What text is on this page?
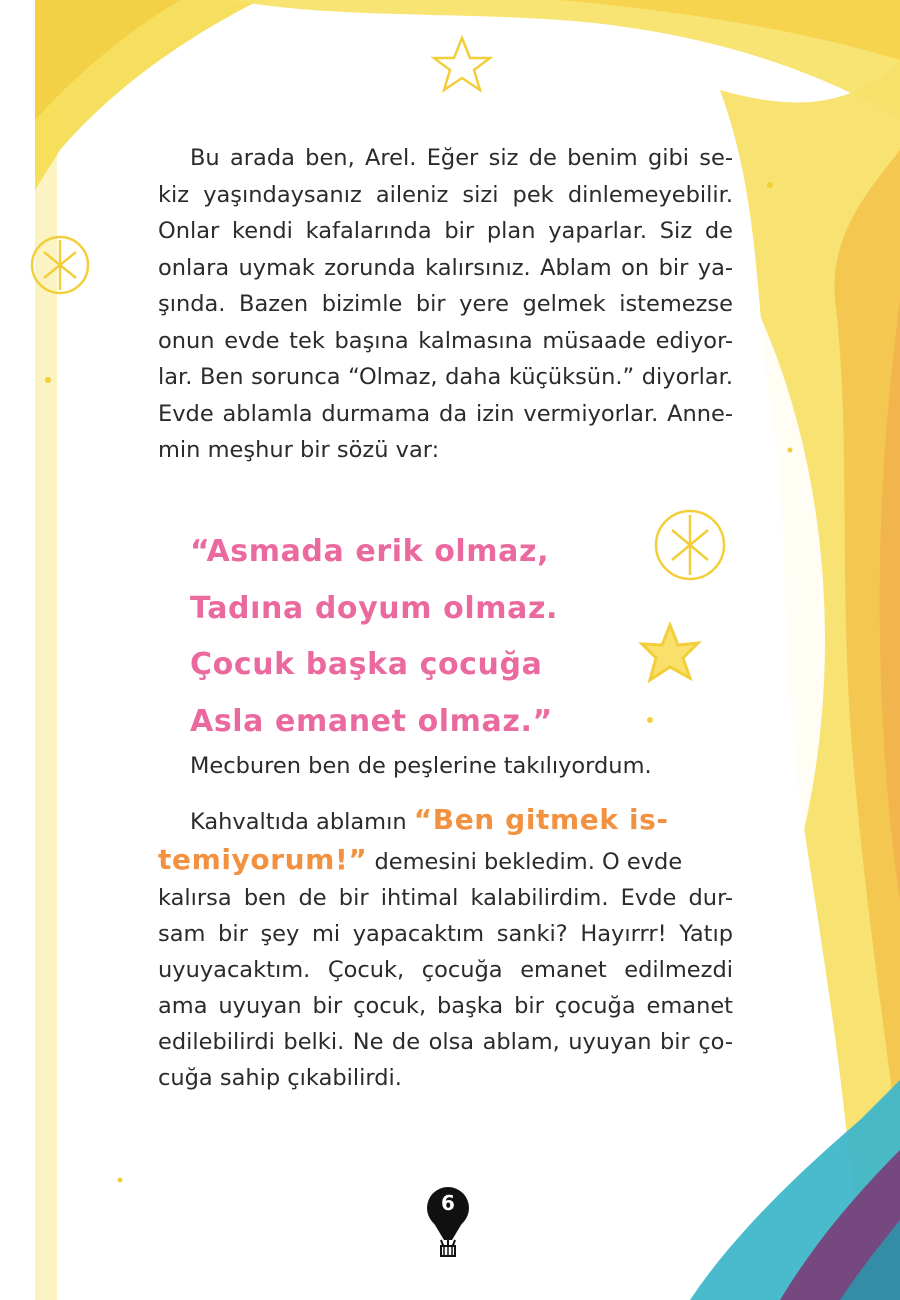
Bu arada ben, Arel. Eğer siz de benim gibi se- kiz yaşındaysanız aileniz sizi pek dinlemeyebilir. Onlar kendi kafalarında bir plan yaparlar. Siz de onlara uymak zorunda kalırsınız. Ablam on bir ya- şında. Bazen bizimle bir yere gelmek istemezse onun evde tek başına kalmasına müsaade ediyor- lar. Ben sorunca “Olmaz, daha küçüksün.” diyorlar. Evde ablamla durmama da izin vermiyorlar. Anne- min meşhur bir sözü var:

Kahvaltıda ablamın “Ben gitmek is-
temiyorum!” demesini bekledim. O evde
kalırsa ben de bir ihtimal kalabilirdim. Evde dur-
sam bir şey mi yapacaktım sanki? Hayırrr! Yatıp
uyuyacaktım. Çocuk, çocuğa emanet edilmezdi
ama uyuyan bir çocuk, başka bir çocuğa emanet
edilebilirdi belki. Ne de olsa ablam, uyuyan bir ço-
cuğa sahip çıkabilirdi.
“Asmada erik olmaz,
Tadına doyum olmaz.
Çocuk başka çocuğa
Asla emanet olmaz.”
Mecburen ben de peşlerine takılıyordum.
6
